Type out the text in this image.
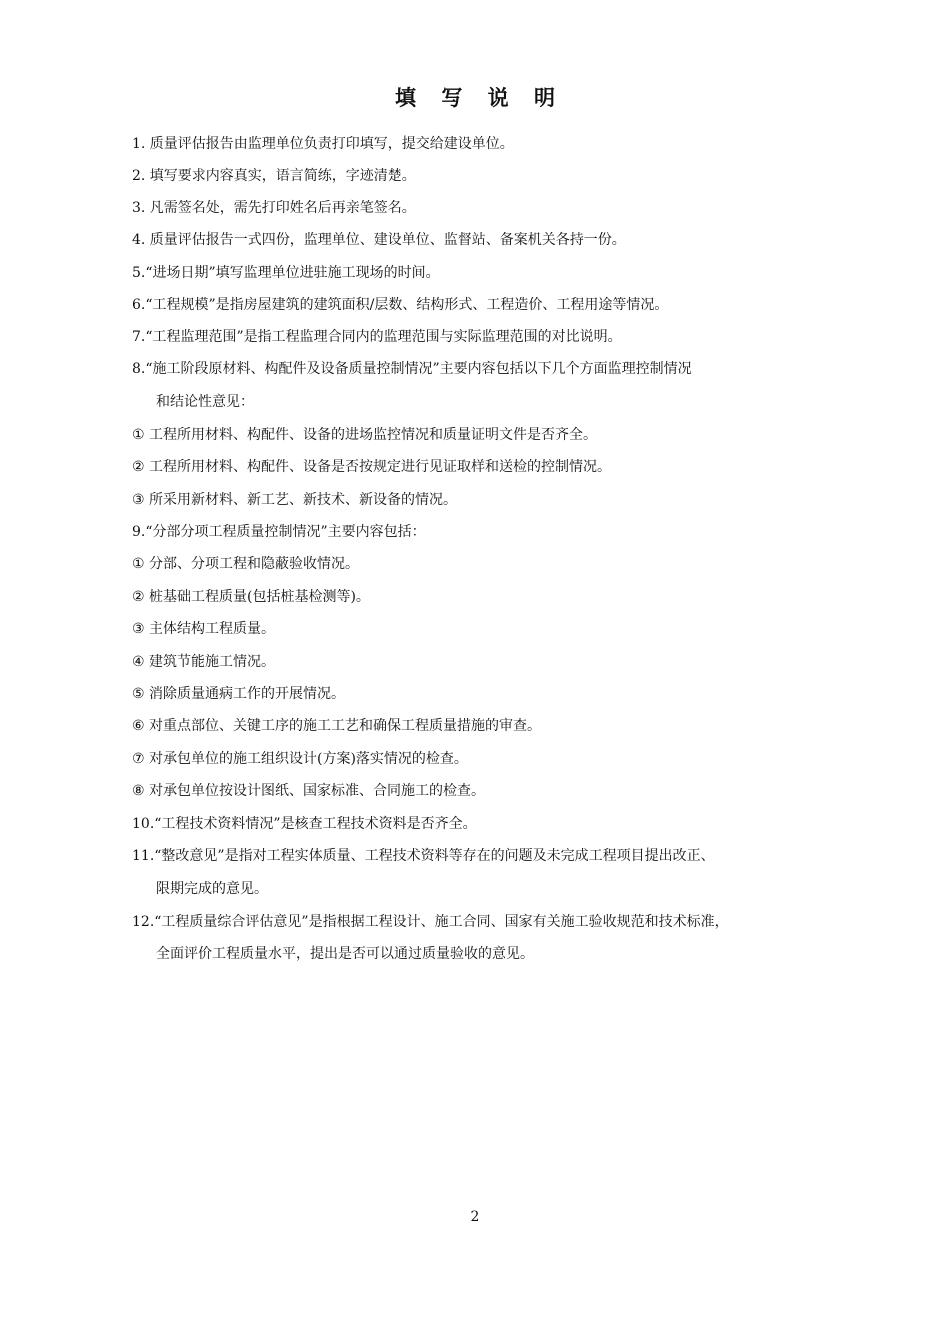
填 写 说 明
1. 质量评估报告由监理单位负责打印填写，提交给建设单位。
2. 填写要求内容真实，语言简练，字迹清楚。
3. 凡需签名处，需先打印姓名后再亲笔签名。
4. 质量评估报告一式四份，监理单位、建设单位、监督站、备案机关各持一份。
5.“进场日期”填写监理单位进驻施工现场的时间。
6.“工程规模”是指房屋建筑的建筑面积/层数、结构形式、工程造价、工程用途等情况。
7.“工程监理范围”是指工程监理合同内的监理范围与实际监理范围的对比说明。
8.“施工阶段原材料、构配件及设备质量控制情况”主要内容包括以下几个方面监理控制情况
和结论性意见：
① 工程所用材料、构配件、设备的进场监控情况和质量证明文件是否齐全。
② 工程所用材料、构配件、设备是否按规定进行见证取样和送检的控制情况。
③ 所采用新材料、新工艺、新技术、新设备的情况。
9.“分部分项工程质量控制情况”主要内容包括：
① 分部、分项工程和隐蔽验收情况。
② 桩基础工程质量(包括桩基检测等)。
③ 主体结构工程质量。
④ 建筑节能施工情况。
⑤ 消除质量通病工作的开展情况。
⑥ 对重点部位、关键工序的施工工艺和确保工程质量措施的审查。
⑦ 对承包单位的施工组织设计(方案)落实情况的检查。
⑧ 对承包单位按设计图纸、国家标准、合同施工的检查。
10.“工程技术资料情况”是核查工程技术资料是否齐全。
11.“整改意见”是指对工程实体质量、工程技术资料等存在的问题及未完成工程项目提出改正、
限期完成的意见。
12.“工程质量综合评估意见”是指根据工程设计、施工合同、国家有关施工验收规范和技术标准，
全面评价工程质量水平，提出是否可以通过质量验收的意见。
2
